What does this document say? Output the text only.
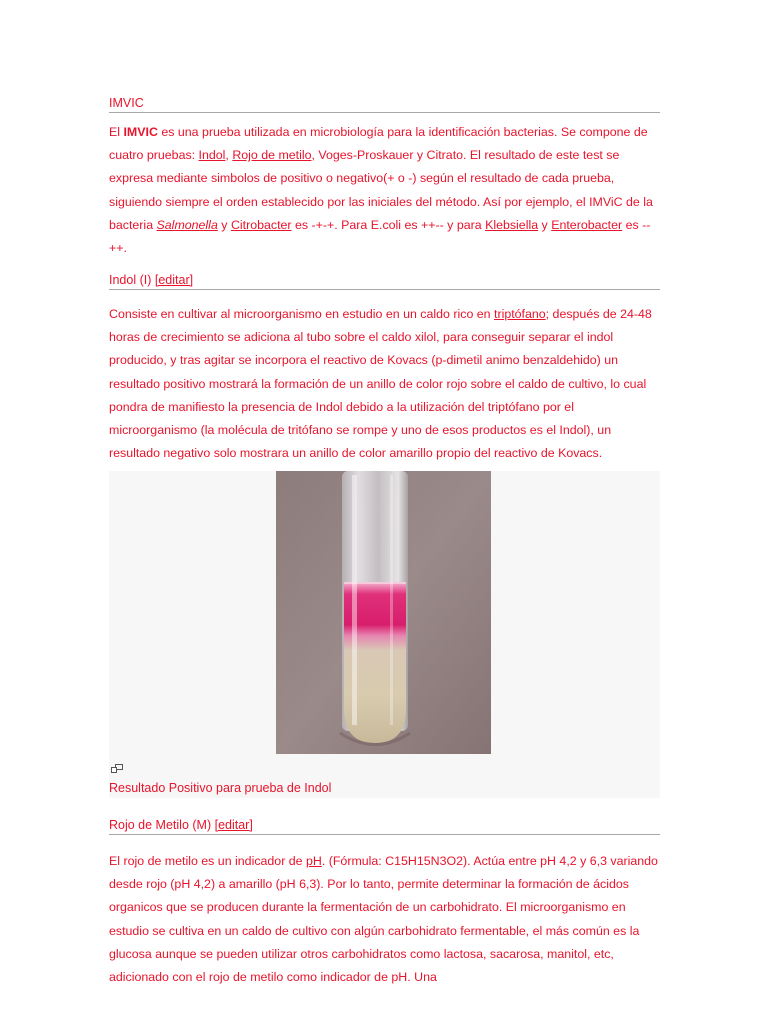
IMVIC

El IMVIC es una prueba utilizada en microbiología para la identificación bacterias. Se compone de cuatro pruebas: Indol, Rojo de metilo, Voges-Proskauer y Citrato. El resultado de este test se expresa mediante simbolos de positivo o negativo(+ o -) según el resultado de cada prueba, siguiendo siempre el orden establecido por las iniciales del método. Así por ejemplo, el IMViC de la bacteria Salmonella y Citrobacter es -+-+. Para E.coli es ++-- y para Klebsiella y Enterobacter es --++.

Indol (I) [editar]

Consiste en cultivar al microorganismo en estudio en un caldo rico en triptófano; después de 24-48 horas de crecimiento se adiciona al tubo sobre el caldo xilol, para conseguir separar el indol producido, y tras agitar se incorpora el reactivo de Kovacs (p-dimetil animo benzaldehido) un resultado positivo mostrará la formación de un anillo de color rojo sobre el caldo de cultivo, lo cual pondra de manifiesto la presencia de Indol debido a la utilización del triptófano por el microorganismo (la molécula de tritófano se rompe y uno de esos productos es el Indol), un resultado negativo solo mostrara un anillo de color amarillo propio del reactivo de Kovacs.

Resultado Positivo para prueba de Indol
Rojo de Metilo (M) [editar]

El rojo de metilo es un indicador de pH. (Fórmula: C15H15N3O2). Actúa entre pH 4,2 y 6,3 variando desde rojo (pH 4,2) a amarillo (pH 6,3). Por lo tanto, permite determinar la formación de ácidos organicos que se producen durante la fermentación de un carbohidrato. El microorganismo en estudio se cultiva en un caldo de cultivo con algún carbohidrato fermentable, el más común es la glucosa aunque se pueden utilizar otros carbohidratos como lactosa, sacarosa, manitol, etc, adicionado con el rojo de metilo como indicador de pH. Una
